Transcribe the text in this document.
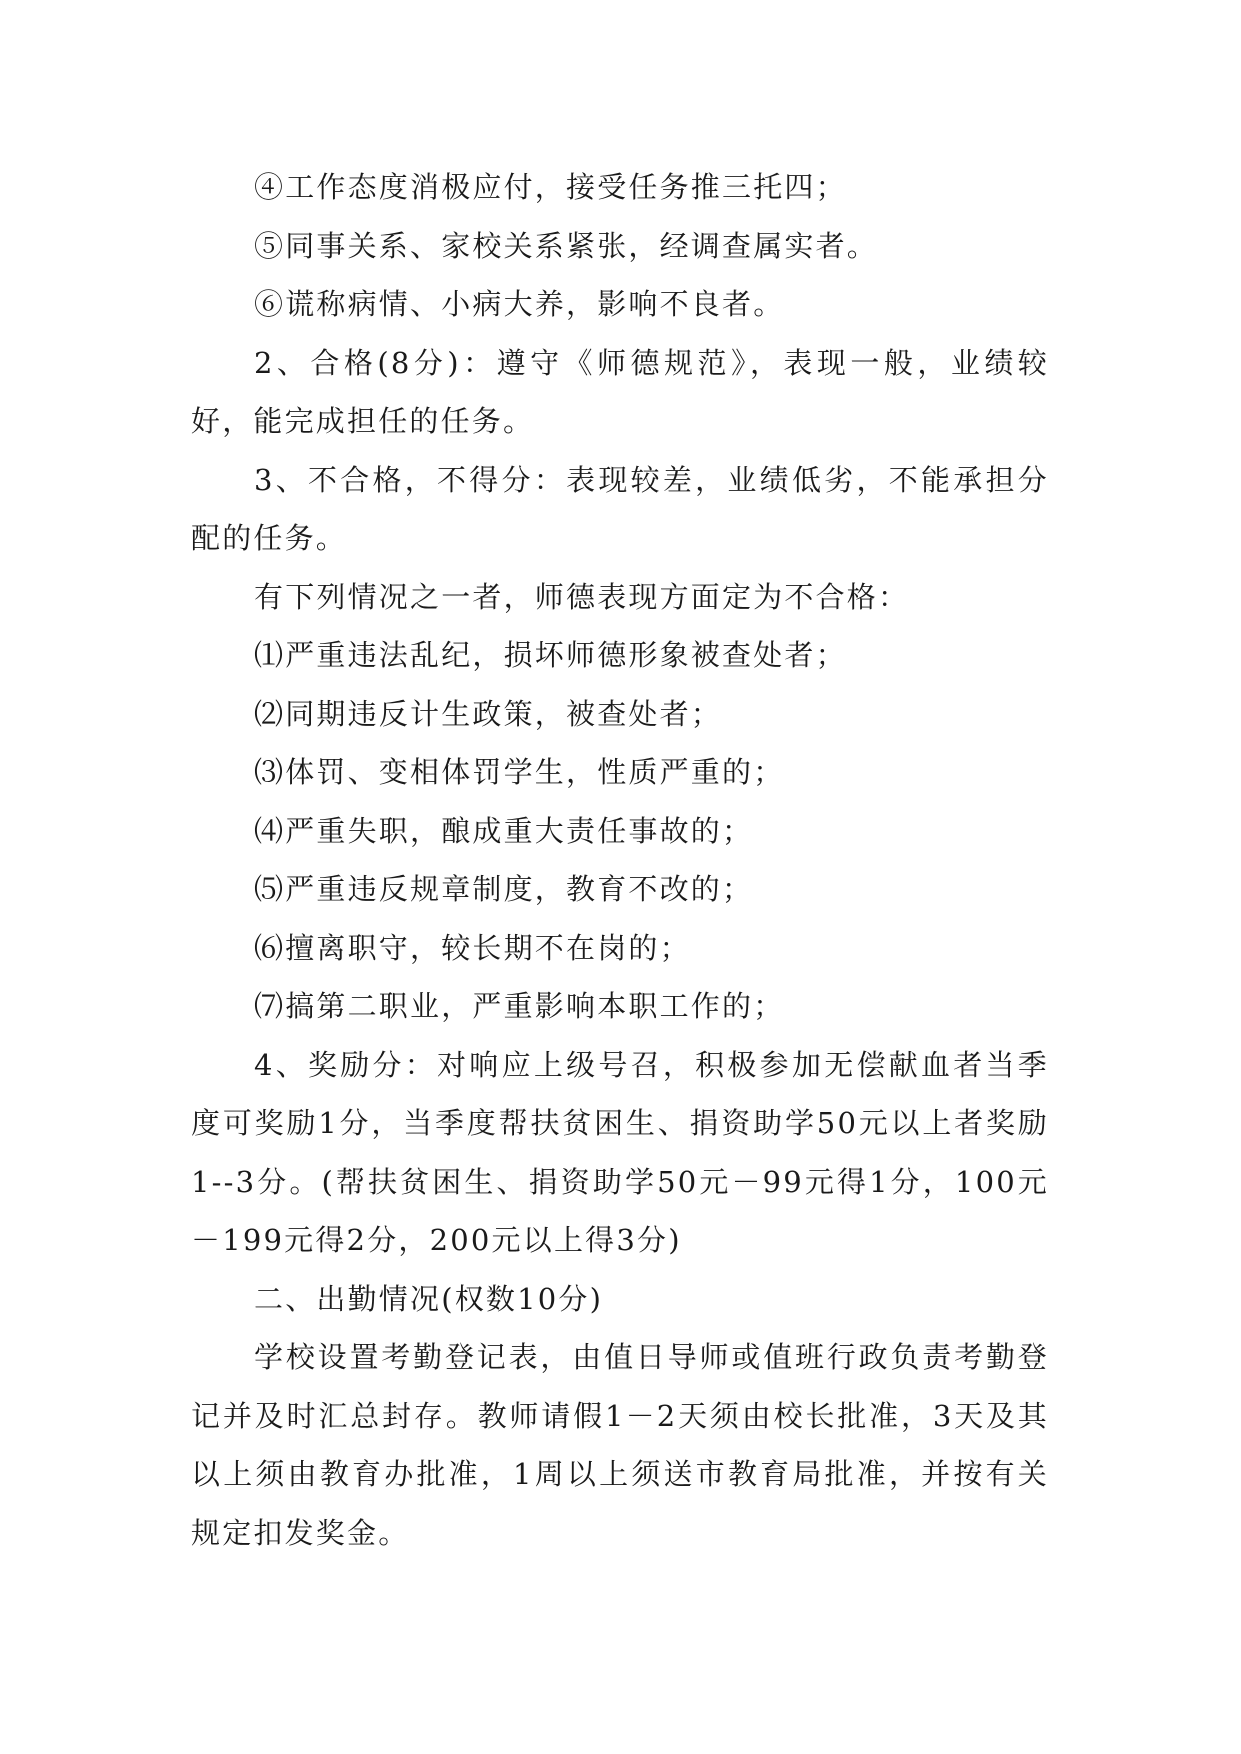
④工作态度消极应付，接受任务推三托四；

⑤同事关系、家校关系紧张，经调查属实者。

⑥谎称病情、小病大养，影响不良者。

2、合格(8分)：遵守《师德规范》，表现一般，业绩较好，能完成担任的任务。

3、不合格，不得分：表现较差，业绩低劣，不能承担分配的任务。

有下列情况之一者，师德表现方面定为不合格：

⑴严重违法乱纪，损坏师德形象被查处者；

⑵同期违反计生政策，被查处者；

⑶体罚、变相体罚学生，性质严重的；

⑷严重失职，酿成重大责任事故的；

⑸严重违反规章制度，教育不改的；

⑹擅离职守，较长期不在岗的；

⑺搞第二职业，严重影响本职工作的；

4、奖励分：对响应上级号召，积极参加无偿献血者当季度可奖励1分，当季度帮扶贫困生、捐资助学50元以上者奖励1--3分。(帮扶贫困生、捐资助学50元－99元得1分，100元－199元得2分，200元以上得3分)

二、出勤情况(权数10分)

学校设置考勤登记表，由值日导师或值班行政负责考勤登记并及时汇总封存。教师请假1－2天须由校长批准，3天及其以上须由教育办批准，1周以上须送市教育局批准，并按有关规定扣发奖金。
